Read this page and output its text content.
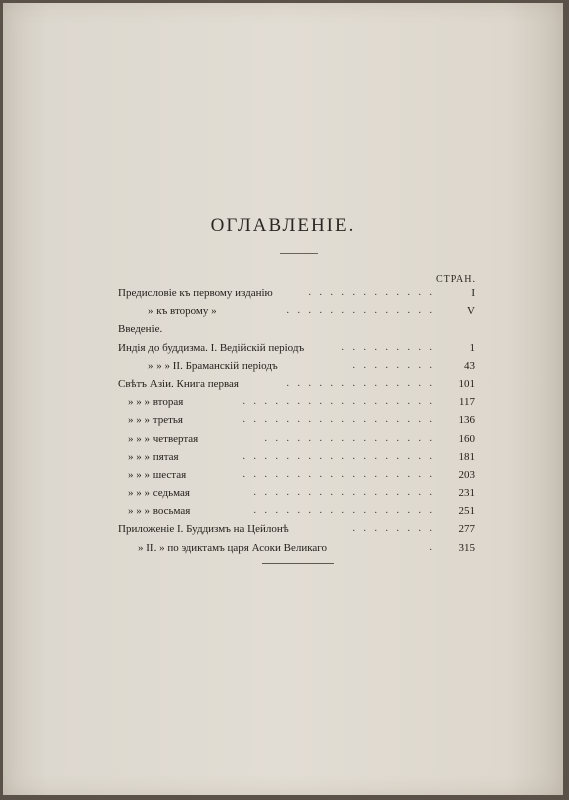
ОГЛАВЛЕНІЕ.
СТРАН.
Предисловіе къ первому изданію	. . . . . . . . . . . .	I
» къ второму »	. . . . . . . . . . . . . .	V
Введеніе.
Индія до буддизма. I. Ведійскій періодъ	. . . . . . . . .	1
» » » II. Браманскій періодъ	. . . . . . . .	43
Свѣтъ Азіи. Книга первая	. . . . . . . . . . . . . .	101
» » » вторая	. . . . . . . . . . . . . . . . . .	117
» » » третья	. . . . . . . . . . . . . . . . . .	136
» » » четвертая	. . . . . . . . . . . . . . . .	160
» » » пятая	. . . . . . . . . . . . . . . . . .	181
» » » шестая	. . . . . . . . . . . . . . . . . .	203
» » » седьмая	. . . . . . . . . . . . . . . . .	231
» » » восьмая	. . . . . . . . . . . . . . . . .	251
Приложеніе I. Буддизмъ на Цейлонѣ	. . . . . . . .	277
» II. » по эдиктамъ царя Асоки Великаго	.	315
